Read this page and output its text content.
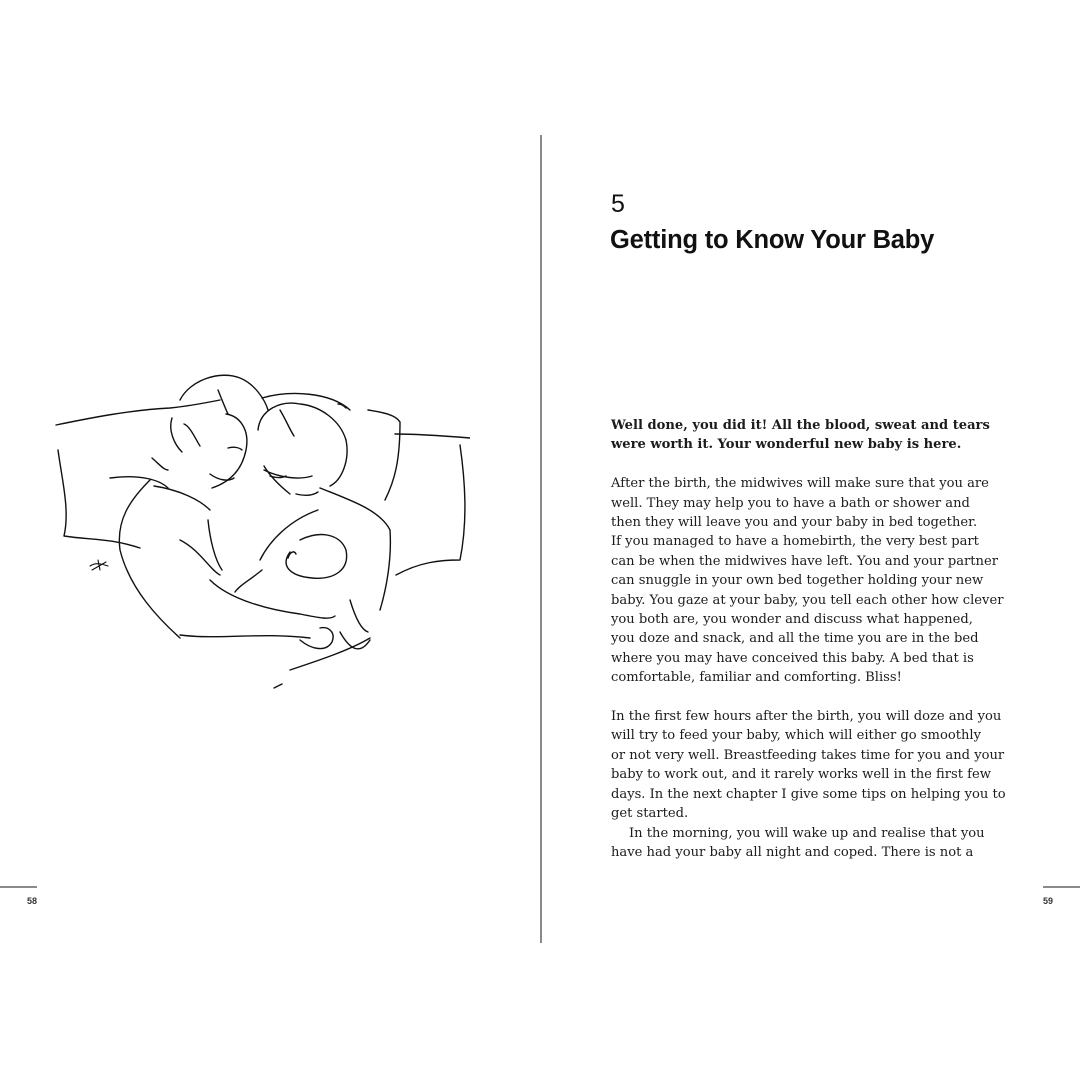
58
5
Getting to Know Your Baby

Well done, you did it! All the blood, sweat and tears
were worth it. Your wonderful new baby is here.

After the birth, the midwives will make sure that you are
well. They may help you to have a bath or shower and
then they will leave you and your baby in bed together.
If you managed to have a homebirth, the very best part
can be when the midwives have left. You and your partner
can snuggle in your own bed together holding your new
baby. You gaze at your baby, you tell each other how clever
you both are, you wonder and discuss what happened,
you doze and snack, and all the time you are in the bed
where you may have conceived this baby. A bed that is
comfortable, familiar and comforting. Bliss!

In the first few hours after the birth, you will doze and you
will try to feed your baby, which will either go smoothly
or not very well. Breastfeeding takes time for you and your
baby to work out, and it rarely works well in the first few
days. In the next chapter I give some tips on helping you to
get started.

In the morning, you will wake up and realise that you
have had your baby all night and coped. There is not a

59
